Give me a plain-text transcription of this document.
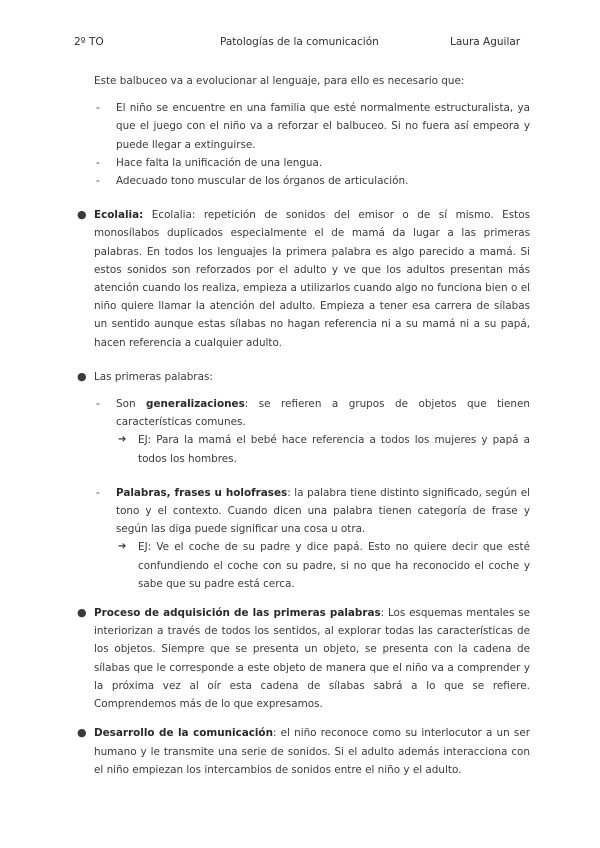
2º TO	Patologías de la comunicación	Laura Aguilar

Este balbuceo va a evolucionar al lenguaje, para ello es necesario que:

- El niño se encuentre en una familia que esté normalmente estructuralista, ya que el juego con el niño va a reforzar el balbuceo. Si no fuera así empeora y puede llegar a extinguirse.

- Hace falta la unificación de una lengua.

- Adecuado tono muscular de los órganos de articulación.

● Ecolalia: Ecolalia: repetición de sonidos del emisor o de sí mismo. Estos monosílabos duplicados especialmente el de mamá da lugar a las primeras palabras. En todos los lenguajes la primera palabra es algo parecido a mamá. Si estos sonidos son reforzados por el adulto y ve que los adultos presentan más atención cuando los realiza, empieza a utilizarlos cuando algo no funciona bien o el niño quiere llamar la atención del adulto. Empieza a tener esa carrera de sílabas un sentido aunque estas sílabas no hagan referencia ni a su mamá ni a su papá, hacen referencia a cualquier adulto.

● Las primeras palabras:

- Son generalizaciones: se refieren a grupos de objetos que tienen características comunes.

➔ EJ: Para la mamá el bebé hace referencia a todos los mujeres y papá a todos los hombres.

- Palabras, frases u holofrases: la palabra tiene distinto significado, según el tono y el contexto. Cuando dicen una palabra tienen categoría de frase y según las diga puede significar una cosa u otra.

➔ EJ: Ve el coche de su padre y dice papá. Esto no quiere decir que esté confundiendo el coche con su padre, si no que ha reconocido el coche y sabe que su padre está cerca.

● Proceso de adquisición de las primeras palabras: Los esquemas mentales se interiorizan a través de todos los sentidos, al explorar todas las características de los objetos. Siempre que se presenta un objeto, se presenta con la cadena de sílabas que le corresponde a este objeto de manera que el niño va a comprender y la próxima vez al oír esta cadena de sílabas sabrá a lo que se refiere. Comprendemos más de lo que expresamos.

● Desarrollo de la comunicación: el niño reconoce como su interlocutor a un ser humano y le transmite una serie de sonidos. Si el adulto además interacciona con el niño empiezan los intercambios de sonidos entre el niño y el adulto.
